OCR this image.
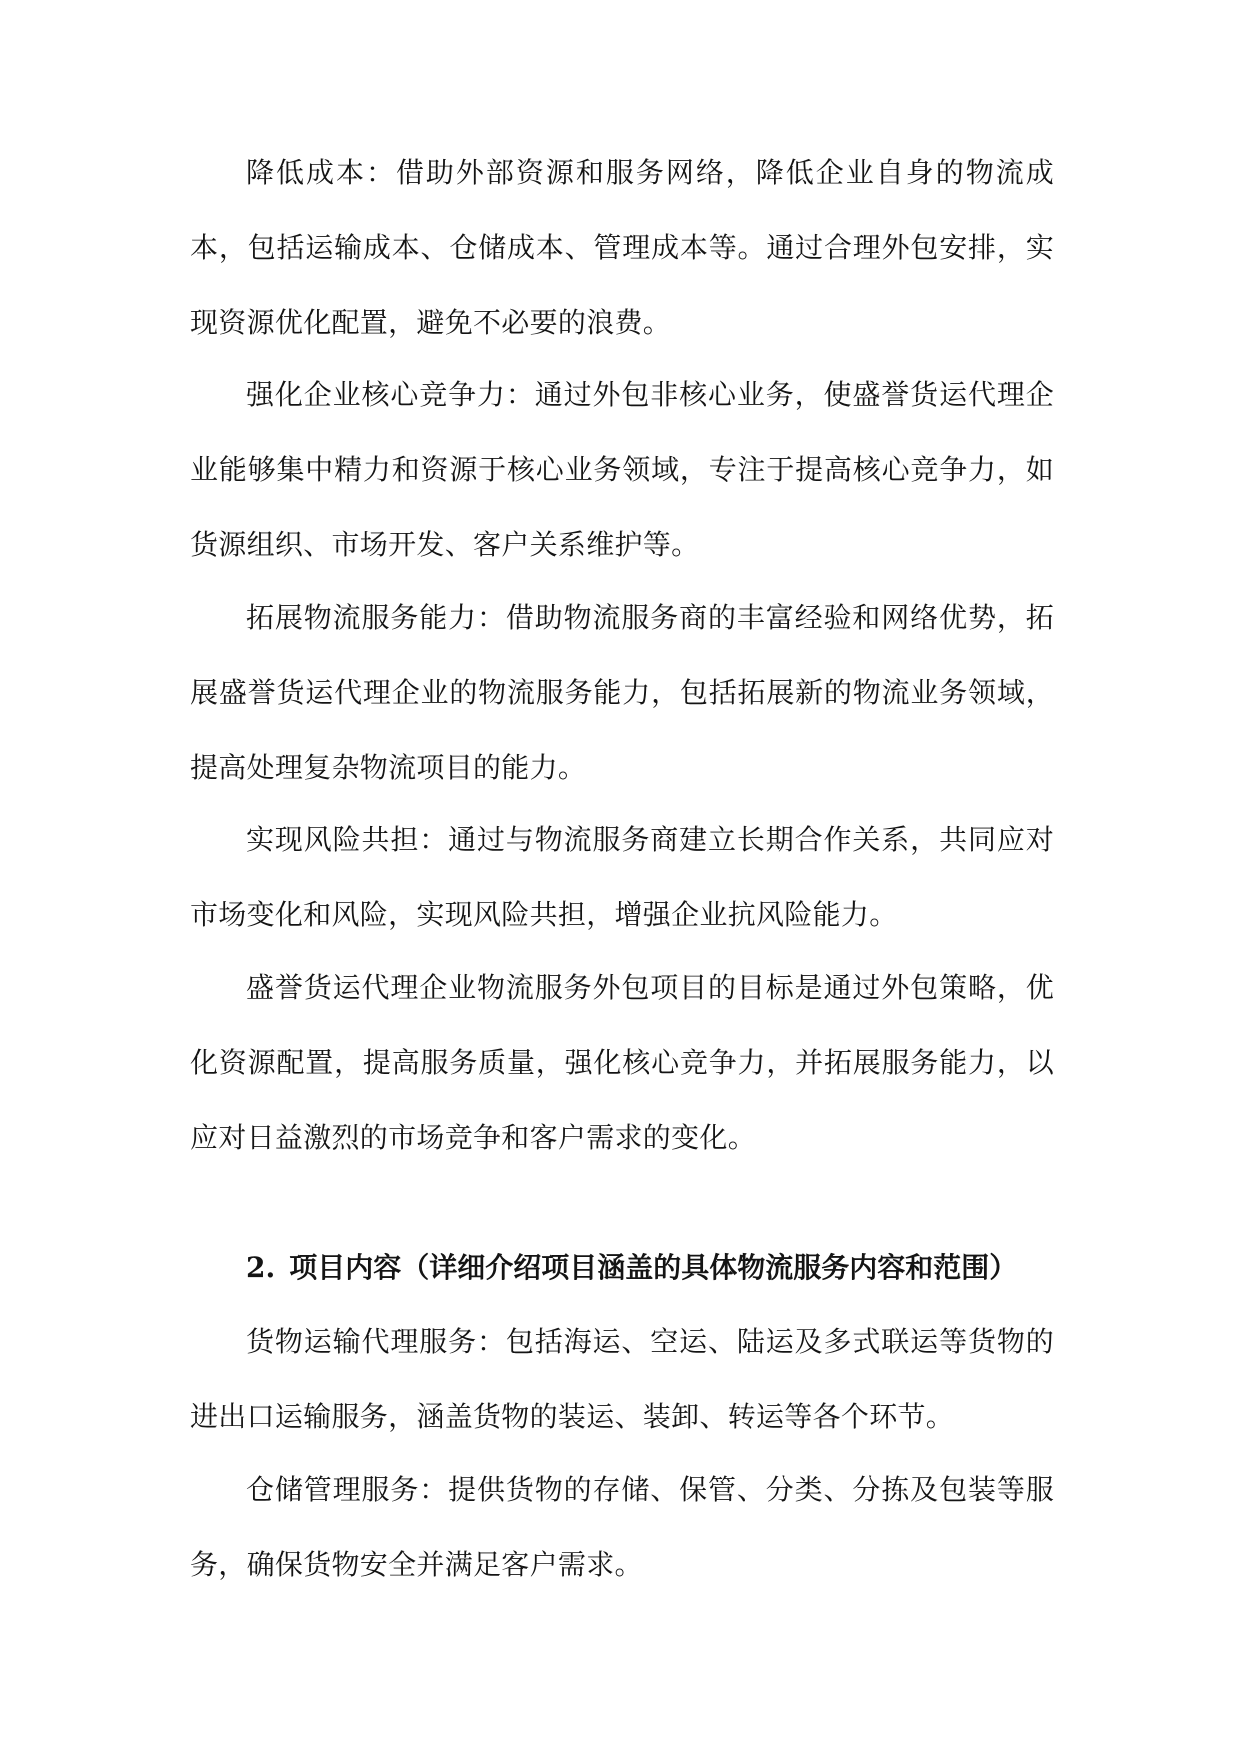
降低成本：借助外部资源和服务网络，降低企业自身的物流成本，包括运输成本、仓储成本、管理成本等。通过合理外包安排，实现资源优化配置，避免不必要的浪费。

强化企业核心竞争力：通过外包非核心业务，使盛誉货运代理企业能够集中精力和资源于核心业务领域，专注于提高核心竞争力，如货源组织、市场开发、客户关系维护等。

拓展物流服务能力：借助物流服务商的丰富经验和网络优势，拓展盛誉货运代理企业的物流服务能力，包括拓展新的物流业务领域，提高处理复杂物流项目的能力。

实现风险共担：通过与物流服务商建立长期合作关系，共同应对市场变化和风险，实现风险共担，增强企业抗风险能力。

盛誉货运代理企业物流服务外包项目的目标是通过外包策略，优化资源配置，提高服务质量，强化核心竞争力，并拓展服务能力，以应对日益激烈的市场竞争和客户需求的变化。

2. 项目内容（详细介绍项目涵盖的具体物流服务内容和范围）

货物运输代理服务：包括海运、空运、陆运及多式联运等货物的进出口运输服务，涵盖货物的装运、装卸、转运等各个环节。

仓储管理服务：提供货物的存储、保管、分类、分拣及包装等服务，确保货物安全并满足客户需求。
